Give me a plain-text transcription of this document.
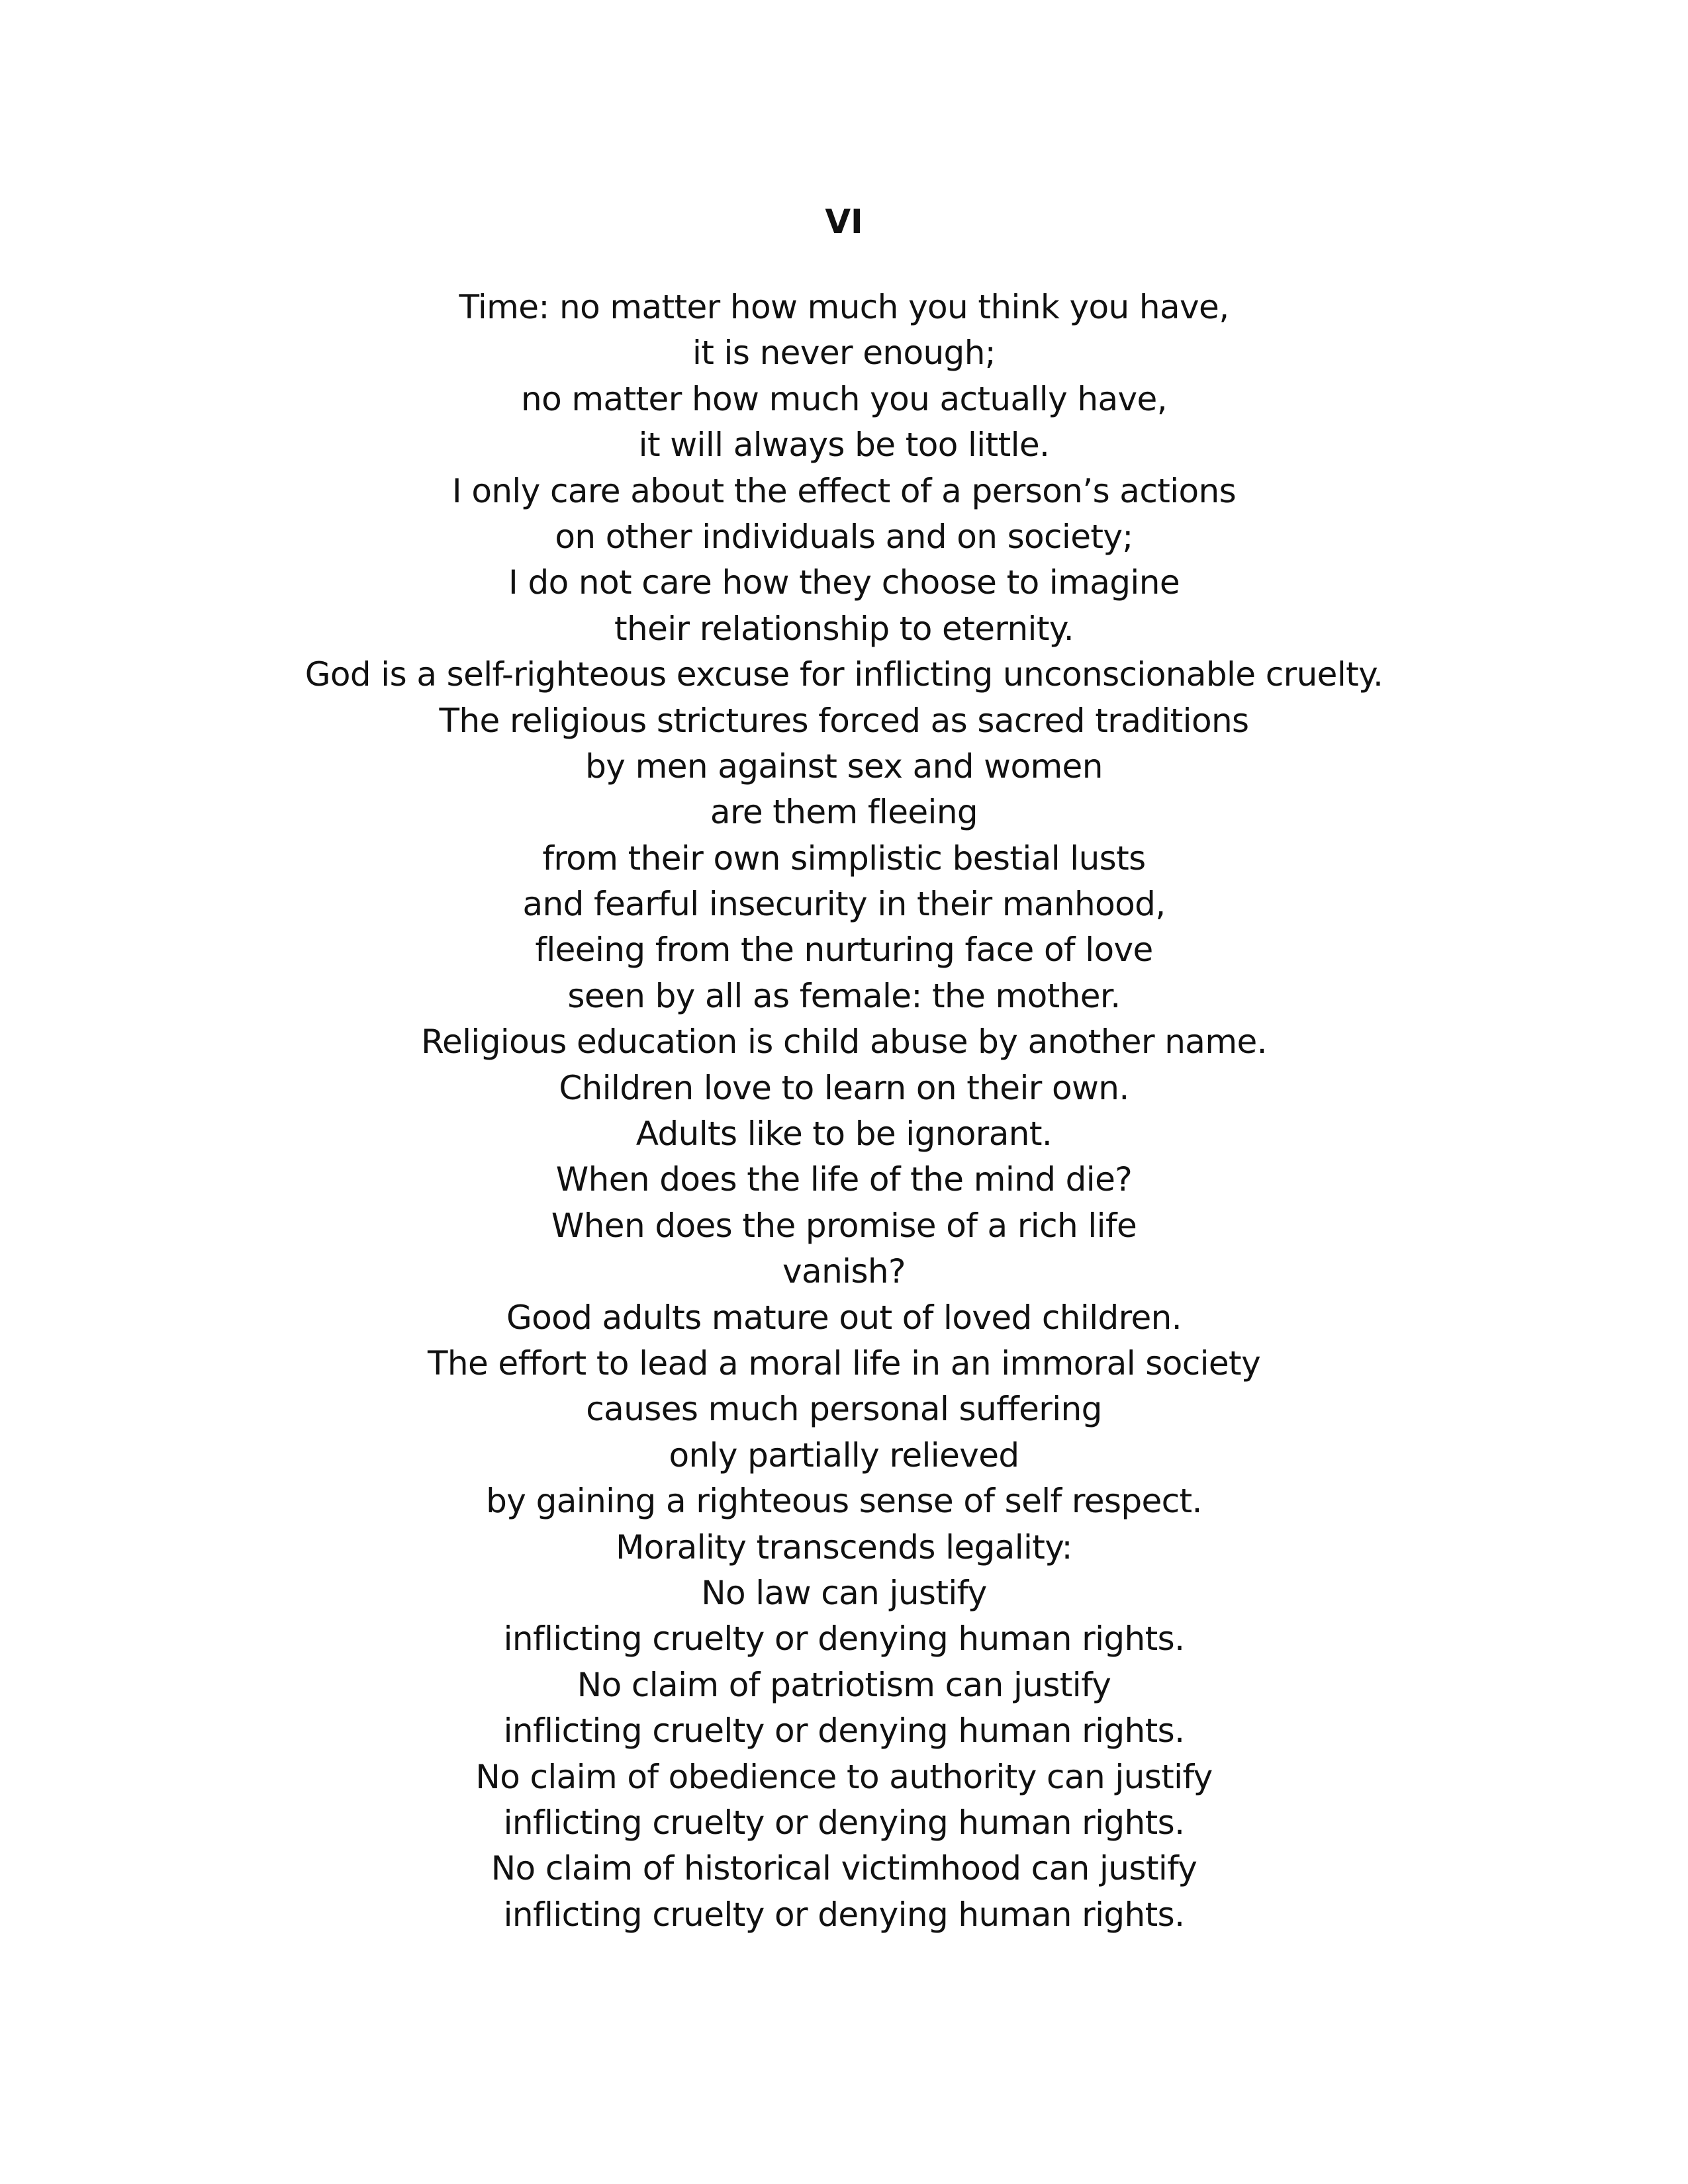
VI
Time: no matter how much you think you have,
it is never enough;
no matter how much you actually have,
it will always be too little.
I only care about the effect of a person’s actions
on other individuals and on society;
I do not care how they choose to imagine
their relationship to eternity.
God is a self-righteous excuse for inflicting unconscionable cruelty.
The religious strictures forced as sacred traditions
by men against sex and women
are them fleeing
from their own simplistic bestial lusts
and fearful insecurity in their manhood,
fleeing from the nurturing face of love
seen by all as female: the mother.
Religious education is child abuse by another name.
Children love to learn on their own.
Adults like to be ignorant.
When does the life of the mind die?
When does the promise of a rich life
vanish?
Good adults mature out of loved children.
The effort to lead a moral life in an immoral society
causes much personal suffering
only partially relieved
by gaining a righteous sense of self respect.
Morality transcends legality:
No law can justify
inflicting cruelty or denying human rights.
No claim of patriotism can justify
inflicting cruelty or denying human rights.
No claim of obedience to authority can justify
inflicting cruelty or denying human rights.
No claim of historical victimhood can justify
inflicting cruelty or denying human rights.
